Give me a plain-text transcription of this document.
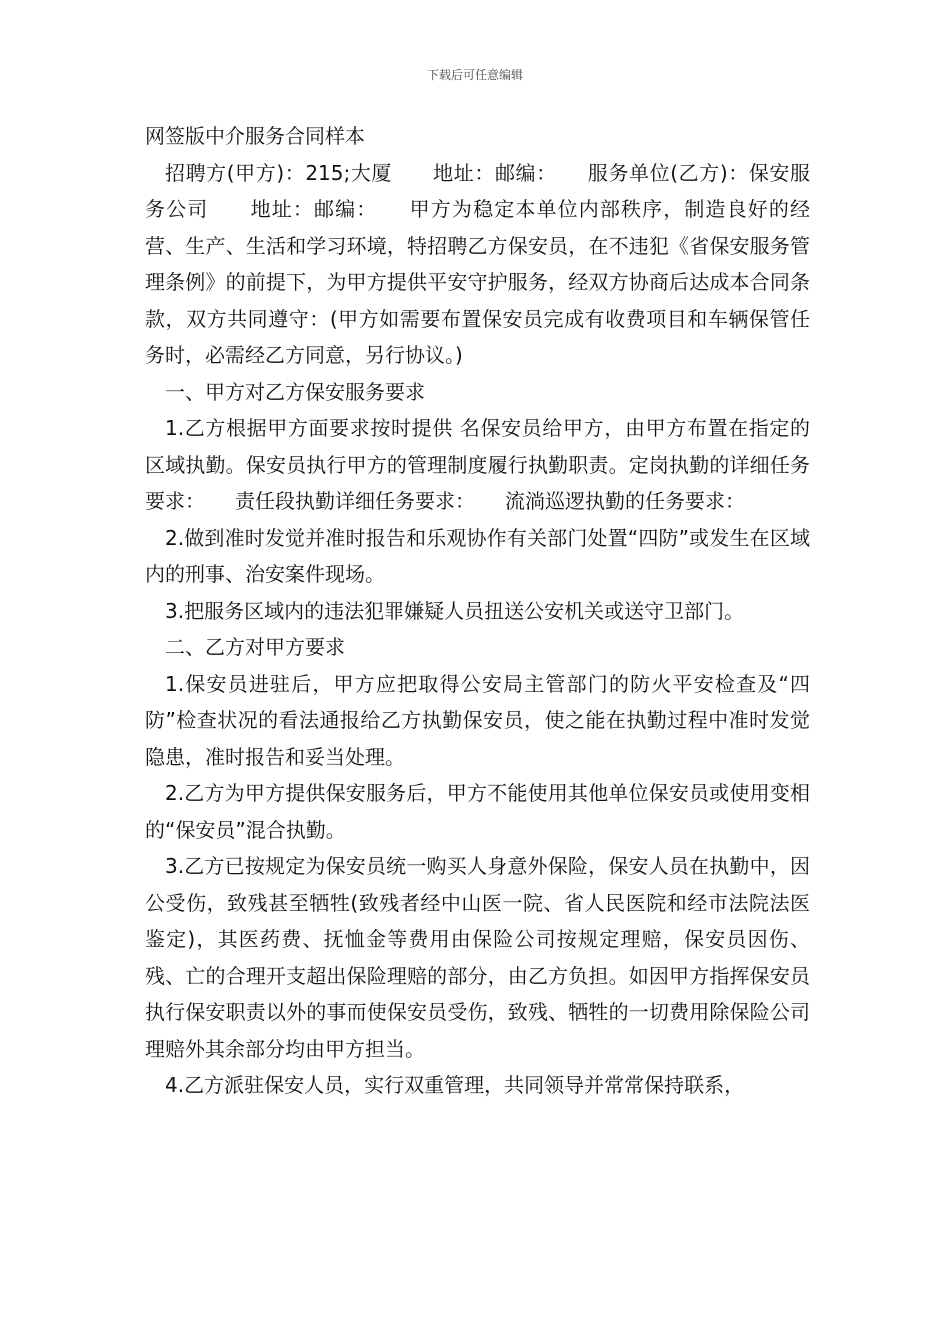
下载后可任意编辑

网签版中介服务合同样本

招聘方(甲方)：215;大厦　　地址：邮编：　　服务单位(乙方)：保安服务公司　　地址：邮编：　　甲方为稳定本单位内部秩序，制造良好的经营、生产、生活和学习环境，特招聘乙方保安员，在不违犯《省保安服务管理条例》的前提下，为甲方提供平安守护服务，经双方协商后达成本合同条款，双方共同遵守：(甲方如需要布置保安员完成有收费项目和车辆保管任务时，必需经乙方同意，另行协议。)

一、甲方对乙方保安服务要求

1.乙方根据甲方面要求按时提供 名保安员给甲方，由甲方布置在指定的区域执勤。保安员执行甲方的管理制度履行执勤职责。定岗执勤的详细任务要求：　　责任段执勤详细任务要求：　　流淌巡逻执勤的任务要求：

2.做到准时发觉并准时报告和乐观协作有关部门处置“四防”或发生在区域内的刑事、治安案件现场。

3.把服务区域内的违法犯罪嫌疑人员扭送公安机关或送守卫部门。

二、乙方对甲方要求

1.保安员进驻后，甲方应把取得公安局主管部门的防火平安检查及“四防”检查状况的看法通报给乙方执勤保安员，使之能在执勤过程中准时发觉隐患，准时报告和妥当处理。

2.乙方为甲方提供保安服务后，甲方不能使用其他单位保安员或使用变相的“保安员”混合执勤。

3.乙方已按规定为保安员统一购买人身意外保险，保安人员在执勤中，因公受伤，致残甚至牺牲(致残者经中山医一院、省人民医院和经市法院法医鉴定)，其医药费、抚恤金等费用由保险公司按规定理赔，保安员因伤、残、亡的合理开支超出保险理赔的部分，由乙方负担。如因甲方指挥保安员执行保安职责以外的事而使保安员受伤，致残、牺牲的一切费用除保险公司理赔外其余部分均由甲方担当。

4.乙方派驻保安人员，实行双重管理，共同领导并常常保持联系，
